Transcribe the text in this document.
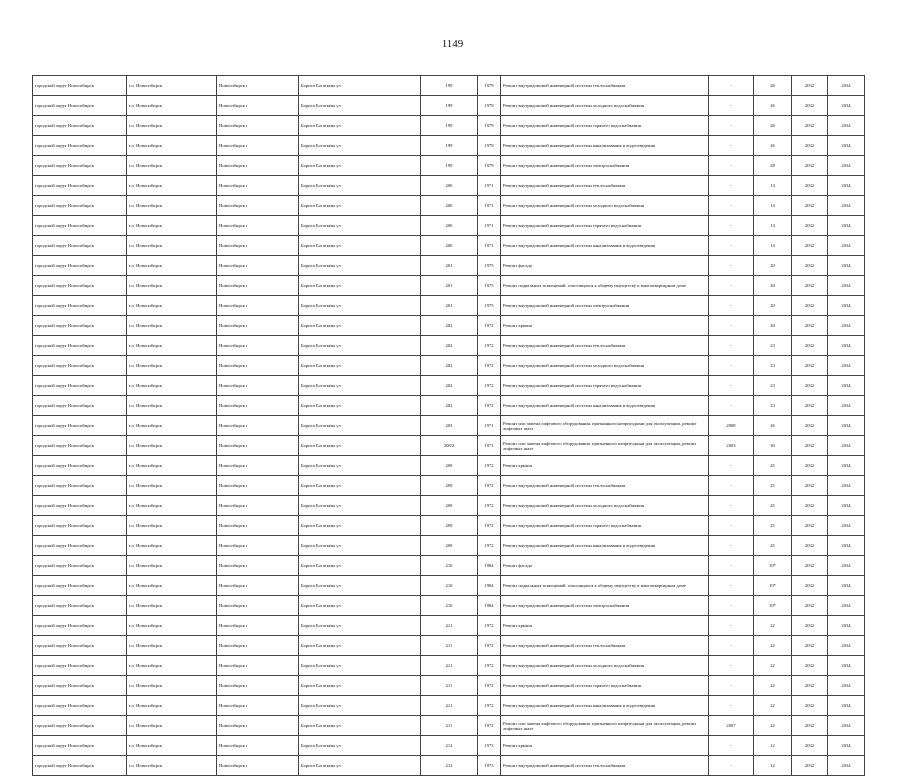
1149
городской округ Новосибирск	г.о. Новосибирск	Новосибирск г	Бориса Богаткова ул	199	1979	Ремонт внутридомовой инженерной системы теплоснабжения	-	26	2032	2034
городской округ Новосибирск	г.о. Новосибирск	Новосибирск г	Бориса Богаткова ул	199	1979	Ремонт внутридомовой инженерной системы холодного водоснабжения	-	26	2032	2034
городской округ Новосибирск	г.о. Новосибирск	Новосибирск г	Бориса Богаткова ул	199	1979	Ремонт внутридомовой инженерной системы горячего водоснабжения	-	26	2032	2034
городской округ Новосибирск	г.о. Новосибирск	Новосибирск г	Бориса Богаткова ул	199	1979	Ремонт внутридомовой инженерной системы канализования и водоотведения	-	26	2032	2034
городской округ Новосибирск	г.о. Новосибирск	Новосибирск г	Бориса Богаткова ул	199	1979	Ремонт внутридомовой инженерной системы электроснабжения	-	28	2032	2034
городской округ Новосибирск	г.о. Новосибирск	Новосибирск г	Бориса Богаткова ул	200	1971	Ремонт внутридомовой инженерной системы теплоснабжения	-	14	2032	2034
городской округ Новосибирск	г.о. Новосибирск	Новосибирск г	Бориса Богаткова ул	200	1971	Ремонт внутридомовой инженерной системы холодного водоснабжения	-	14	2032	2034
городской округ Новосибирск	г.о. Новосибирск	Новосибирск г	Бориса Богаткова ул	200	1971	Ремонт внутридомовой инженерной системы горячего водоснабжения	-	14	2032	2034
городской округ Новосибирск	г.о. Новосибирск	Новосибирск г	Бориса Богаткова ул	200	1971	Ремонт внутридомовой инженерной системы канализования и водоотведения	-	14	2032	2034
городской округ Новосибирск	г.о. Новосибирск	Новосибирск г	Бориса Богаткова ул	201	1975	Ремонт фасада	-	20	2032	2034
городской округ Новосибирск	г.о. Новосибирск	Новосибирск г	Бориса Богаткова ул	201	1975	Ремонт подвальных помещений, относящихся к общему имуществу в многоквартирном доме	-	20	2032	2034
городской округ Новосибирск	г.о. Новосибирск	Новосибирск г	Бориса Богаткова ул	201	1975	Ремонт внутридомовой инженерной системы электроснабжения	-	20	2032	2034
городской округ Новосибирск	г.о. Новосибирск	Новосибирск г	Бориса Богаткова ул	202	1972	Ремонт крыши	-	20	2032	2034
городской округ Новосибирск	г.о. Новосибирск	Новосибирск г	Бориса Богаткова ул	202	1972	Ремонт внутридомовой инженерной системы теплоснабжения	-	23	2032	2034
городской округ Новосибирск	г.о. Новосибирск	Новосибирск г	Бориса Богаткова ул	202	1972	Ремонт внутридомовой инженерной системы холодного водоснабжения	-	23	2032	2034
городской округ Новосибирск	г.о. Новосибирск	Новосибирск г	Бориса Богаткова ул	202	1972	Ремонт внутридомовой инженерной системы горячего водоснабжения	-	23	2032	2034
городской округ Новосибирск	г.о. Новосибирск	Новосибирск г	Бориса Богаткова ул	202	1972	Ремонт внутридомовой инженерной системы канализования и водоотведения	-	23	2032	2034
городской округ Новосибирск	г.о. Новосибирск	Новосибирск г	Бориса Богаткова ул	203	1971	Ремонт или замена лифтового оборудования, признанного непригодным для эксплуатации, ремонт лифтовых шахт	2008	26	2032	2034
городской округ Новосибирск	г.о. Новосибирск	Новосибирск г	Бориса Богаткова ул	208/2	1971	Ремонт или замена лифтового оборудования, признанного непригодным для эксплуатации, ремонт лифтовых шахт	2003	30	2032	2034
городской округ Новосибирск	г.о. Новосибирск	Новосибирск г	Бориса Богаткова ул	209	1972	Ремонт крыши	-	25	2032	2034
городской округ Новосибирск	г.о. Новосибирск	Новосибирск г	Бориса Богаткова ул	209	1972	Ремонт внутридомовой инженерной системы теплоснабжения	-	25	2032	2034
городской округ Новосибирск	г.о. Новосибирск	Новосибирск г	Бориса Богаткова ул	209	1972	Ремонт внутридомовой инженерной системы холодного водоснабжения	-	25	2032	2034
городской округ Новосибирск	г.о. Новосибирск	Новосибирск г	Бориса Богаткова ул	209	1972	Ремонт внутридомовой инженерной системы горячего водоснабжения	-	25	2032	2034
городской округ Новосибирск	г.о. Новосибирск	Новосибирск г	Бориса Богаткова ул	209	1972	Ремонт внутридомовой инженерной системы канализования и водоотведения	-	25	2032	2034
городской округ Новосибирск	г.о. Новосибирск	Новосибирск г	Бориса Богаткова ул	210	1984	Ремонт фасада	-	19*	2032	2034
городской округ Новосибирск	г.о. Новосибирск	Новосибирск г	Бориса Богаткова ул	210	1984	Ремонт подвальных помещений, относящихся к общему имуществу в многоквартирном доме	-	19*	2032	2034
городской округ Новосибирск	г.о. Новосибирск	Новосибирск г	Бориса Богаткова ул	210	1984	Ремонт внутридомовой инженерной системы электроснабжения	-	19*	2032	2034
городской округ Новосибирск	г.о. Новосибирск	Новосибирск г	Бориса Богаткова ул	211	1972	Ремонт крыши	-	22	2032	2034
городской округ Новосибирск	г.о. Новосибирск	Новосибирск г	Бориса Богаткова ул	211	1972	Ремонт внутридомовой инженерной системы теплоснабжения	-	22	2032	2034
городской округ Новосибирск	г.о. Новосибирск	Новосибирск г	Бориса Богаткова ул	211	1972	Ремонт внутридомовой инженерной системы холодного водоснабжения	-	22	2032	2034
городской округ Новосибирск	г.о. Новосибирск	Новосибирск г	Бориса Богаткова ул	211	1972	Ремонт внутридомовой инженерной системы горячего водоснабжения	-	22	2032	2034
городской округ Новосибирск	г.о. Новосибирск	Новосибирск г	Бориса Богаткова ул	211	1972	Ремонт внутридомовой инженерной системы канализования и водоотведения	-	22	2032	2034
городской округ Новосибирск	г.о. Новосибирск	Новосибирск г	Бориса Богаткова ул	211	1972	Ремонт или замена лифтового оборудования, признанного непригодным для эксплуатации, ремонт лифтовых шахт	2007	22	2032	2034
городской округ Новосибирск	г.о. Новосибирск	Новосибирск г	Бориса Богаткова ул	212	1973	Ремонт крыши	-	12	2032	2034
городской округ Новосибирск	г.о. Новосибирск	Новосибирск г	Бориса Богаткова ул	212	1973	Ремонт внутридомовой инженерной системы теплоснабжения	-	12	2032	2034
